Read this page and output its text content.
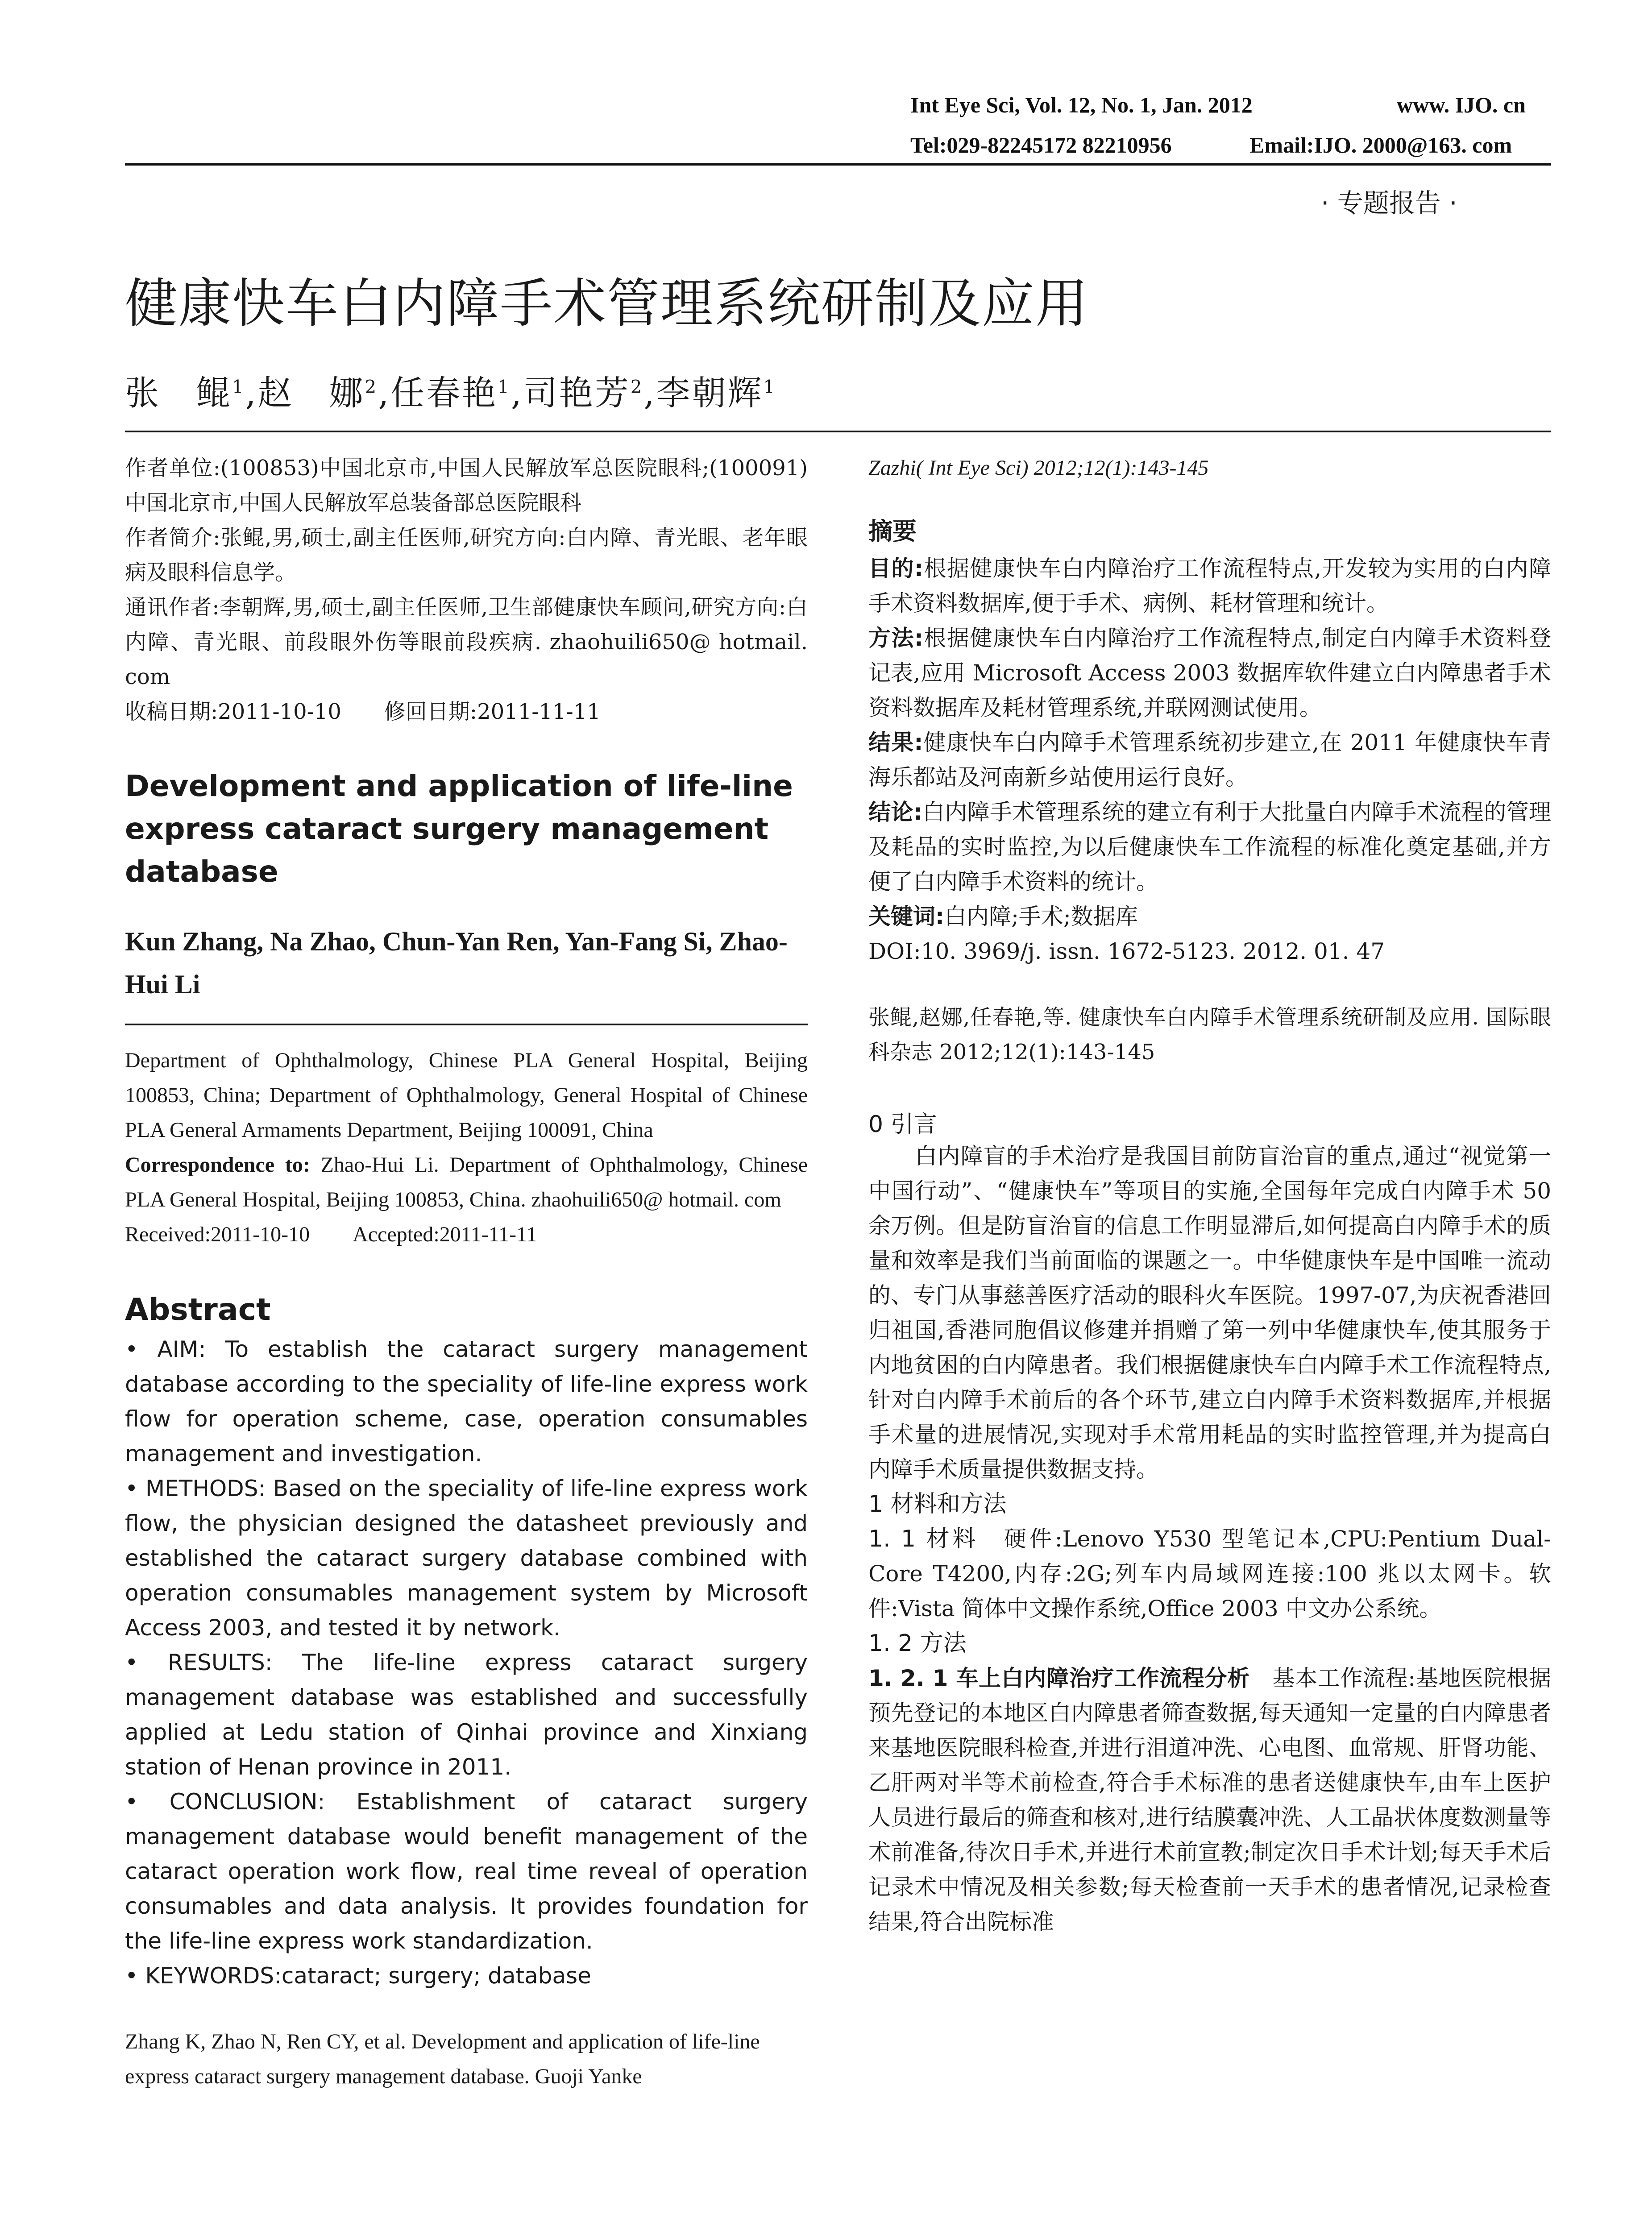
Int Eye Sci, Vol. 12, No. 1, Jan. 2012	www. IJO. cn
Tel:029-82245172 82210956	Email:IJO. 2000@163. com
· 专题报告 ·
健康快车白内障手术管理系统研制及应用
张　鲲$^1$,赵　娜$^2$,任春艳$^1$,司艳芳$^2$,李朝辉$^1$

作者单位:(100853)中国北京市,中国人民解放军总医院眼科;(100091)中国北京市,中国人民解放军总装备部总医院眼科

作者简介:张鲲,男,硕士,副主任医师,研究方向:白内障、青光眼、老年眼病及眼科信息学。

通讯作者:李朝辉,男,硕士,副主任医师,卫生部健康快车顾问,研究方向:白内障、青光眼、前段眼外伤等眼前段疾病. zhaohuili650@ hotmail. com

收稿日期:2011-10-10　　修回日期:2011-11-11

Development and application of life-line express cataract surgery management database
Kun Zhang, Na Zhao, Chun-Yan Ren, Yan-Fang Si, Zhao-Hui Li
Department of Ophthalmology, Chinese PLA General Hospital, Beijing 100853, China; Department of Ophthalmology, General Hospital of Chinese PLA General Armaments Department, Beijing 100091, China
Correspondence to: Zhao-Hui Li. Department of Ophthalmology, Chinese PLA General Hospital, Beijing 100853, China. zhaohuili650@ hotmail. com
Received:2011-10-10　　Accepted:2011-11-11
Abstract

• AIM: To establish the cataract surgery management database according to the speciality of life-line express work flow for operation scheme, case, operation consumables management and investigation.

• METHODS: Based on the speciality of life-line express work flow, the physician designed the datasheet previously and established the cataract surgery database combined with operation consumables management system by Microsoft Access 2003, and tested it by network.

• RESULTS: The life-line express cataract surgery management database was established and successfully applied at Ledu station of Qinhai province and Xinxiang station of Henan province in 2011.

• CONCLUSION: Establishment of cataract surgery management database would benefit management of the cataract operation work flow, real time reveal of operation consumables and data analysis. It provides foundation for the life-line express work standardization.

• KEYWORDS:cataract; surgery; database

Zhang K, Zhao N, Ren CY, et al. Development and application of life-line express cataract surgery management database. Guoji Yanke
Zazhi( Int Eye Sci) 2012;12(1):143-145
摘要

目的:根据健康快车白内障治疗工作流程特点,开发较为实用的白内障手术资料数据库,便于手术、病例、耗材管理和统计。

方法:根据健康快车白内障治疗工作流程特点,制定白内障手术资料登记表,应用 Microsoft Access 2003 数据库软件建立白内障患者手术资料数据库及耗材管理系统,并联网测试使用。

结果:健康快车白内障手术管理系统初步建立,在 2011 年健康快车青海乐都站及河南新乡站使用运行良好。

结论:白内障手术管理系统的建立有利于大批量白内障手术流程的管理及耗品的实时监控,为以后健康快车工作流程的标准化奠定基础,并方便了白内障手术资料的统计。

关键词:白内障;手术;数据库

DOI:10. 3969/j. issn. 1672-5123. 2012. 01. 47

张鲲,赵娜,任春艳,等. 健康快车白内障手术管理系统研制及应用. 国际眼科杂志 2012;12(1):143-145
0 引言

白内障盲的手术治疗是我国目前防盲治盲的重点,通过“视觉第一中国行动”、“健康快车”等项目的实施,全国每年完成白内障手术 50 余万例。但是防盲治盲的信息工作明显滞后,如何提高白内障手术的质量和效率是我们当前面临的课题之一。中华健康快车是中国唯一流动的、专门从事慈善医疗活动的眼科火车医院。1997-07,为庆祝香港回归祖国,香港同胞倡议修建并捐赠了第一列中华健康快车,使其服务于内地贫困的白内障患者。我们根据健康快车白内障手术工作流程特点,针对白内障手术前后的各个环节,建立白内障手术资料数据库,并根据手术量的进展情况,实现对手术常用耗品的实时监控管理,并为提高白内障手术质量提供数据支持。

1 材料和方法

1. 1 材料　 硬件:Lenovo Y530 型笔记本,CPU:Pentium Dual-Core T4200,内存:2G;列车内局域网连接:100 兆以太网卡。软件:Vista 简体中文操作系统,Office 2003 中文办公系统。

1. 2 方法

1. 2. 1 车上白内障治疗工作流程分析　 基本工作流程:基地医院根据预先登记的本地区白内障患者筛查数据,每天通知一定量的白内障患者来基地医院眼科检查,并进行泪道冲洗、心电图、血常规、肝肾功能、乙肝两对半等术前检查,符合手术标准的患者送健康快车,由车上医护人员进行最后的筛查和核对,进行结膜囊冲洗、人工晶状体度数测量等术前准备,待次日手术,并进行术前宣教;制定次日手术计划;每天手术后记录术中情况及相关参数;每天检查前一天手术的患者情况,记录检查结果,符合出院标准
